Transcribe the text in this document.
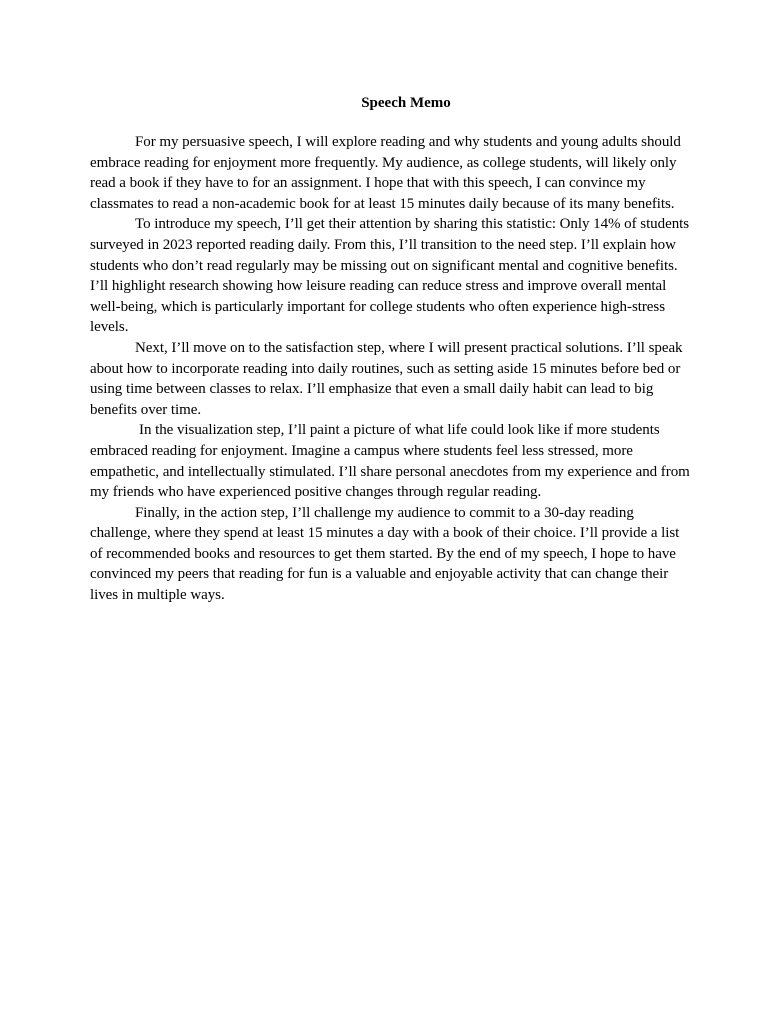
Speech Memo

For my persuasive speech, I will explore reading and why students and young adults should embrace reading for enjoyment more frequently. My audience, as college students, will likely only read a book if they have to for an assignment. I hope that with this speech, I can convince my classmates to read a non-academic book for at least 15 minutes daily because of its many benefits.

To introduce my speech, I’ll get their attention by sharing this statistic: Only 14% of students surveyed in 2023 reported reading daily. From this, I’ll transition to the need step. I’ll explain how students who don’t read regularly may be missing out on significant mental and cognitive benefits. I’ll highlight research showing how leisure reading can reduce stress and improve overall mental well-being, which is particularly important for college students who often experience high-stress levels.

Next, I’ll move on to the satisfaction step, where I will present practical solutions. I’ll speak about how to incorporate reading into daily routines, such as setting aside 15 minutes before bed or using time between classes to relax. I’ll emphasize that even a small daily habit can lead to big benefits over time.

In the visualization step, I’ll paint a picture of what life could look like if more students embraced reading for enjoyment. Imagine a campus where students feel less stressed, more empathetic, and intellectually stimulated. I’ll share personal anecdotes from my experience and from my friends who have experienced positive changes through regular reading.

Finally, in the action step, I’ll challenge my audience to commit to a 30-day reading challenge, where they spend at least 15 minutes a day with a book of their choice. I’ll provide a list of recommended books and resources to get them started. By the end of my speech, I hope to have convinced my peers that reading for fun is a valuable and enjoyable activity that can change their lives in multiple ways.
